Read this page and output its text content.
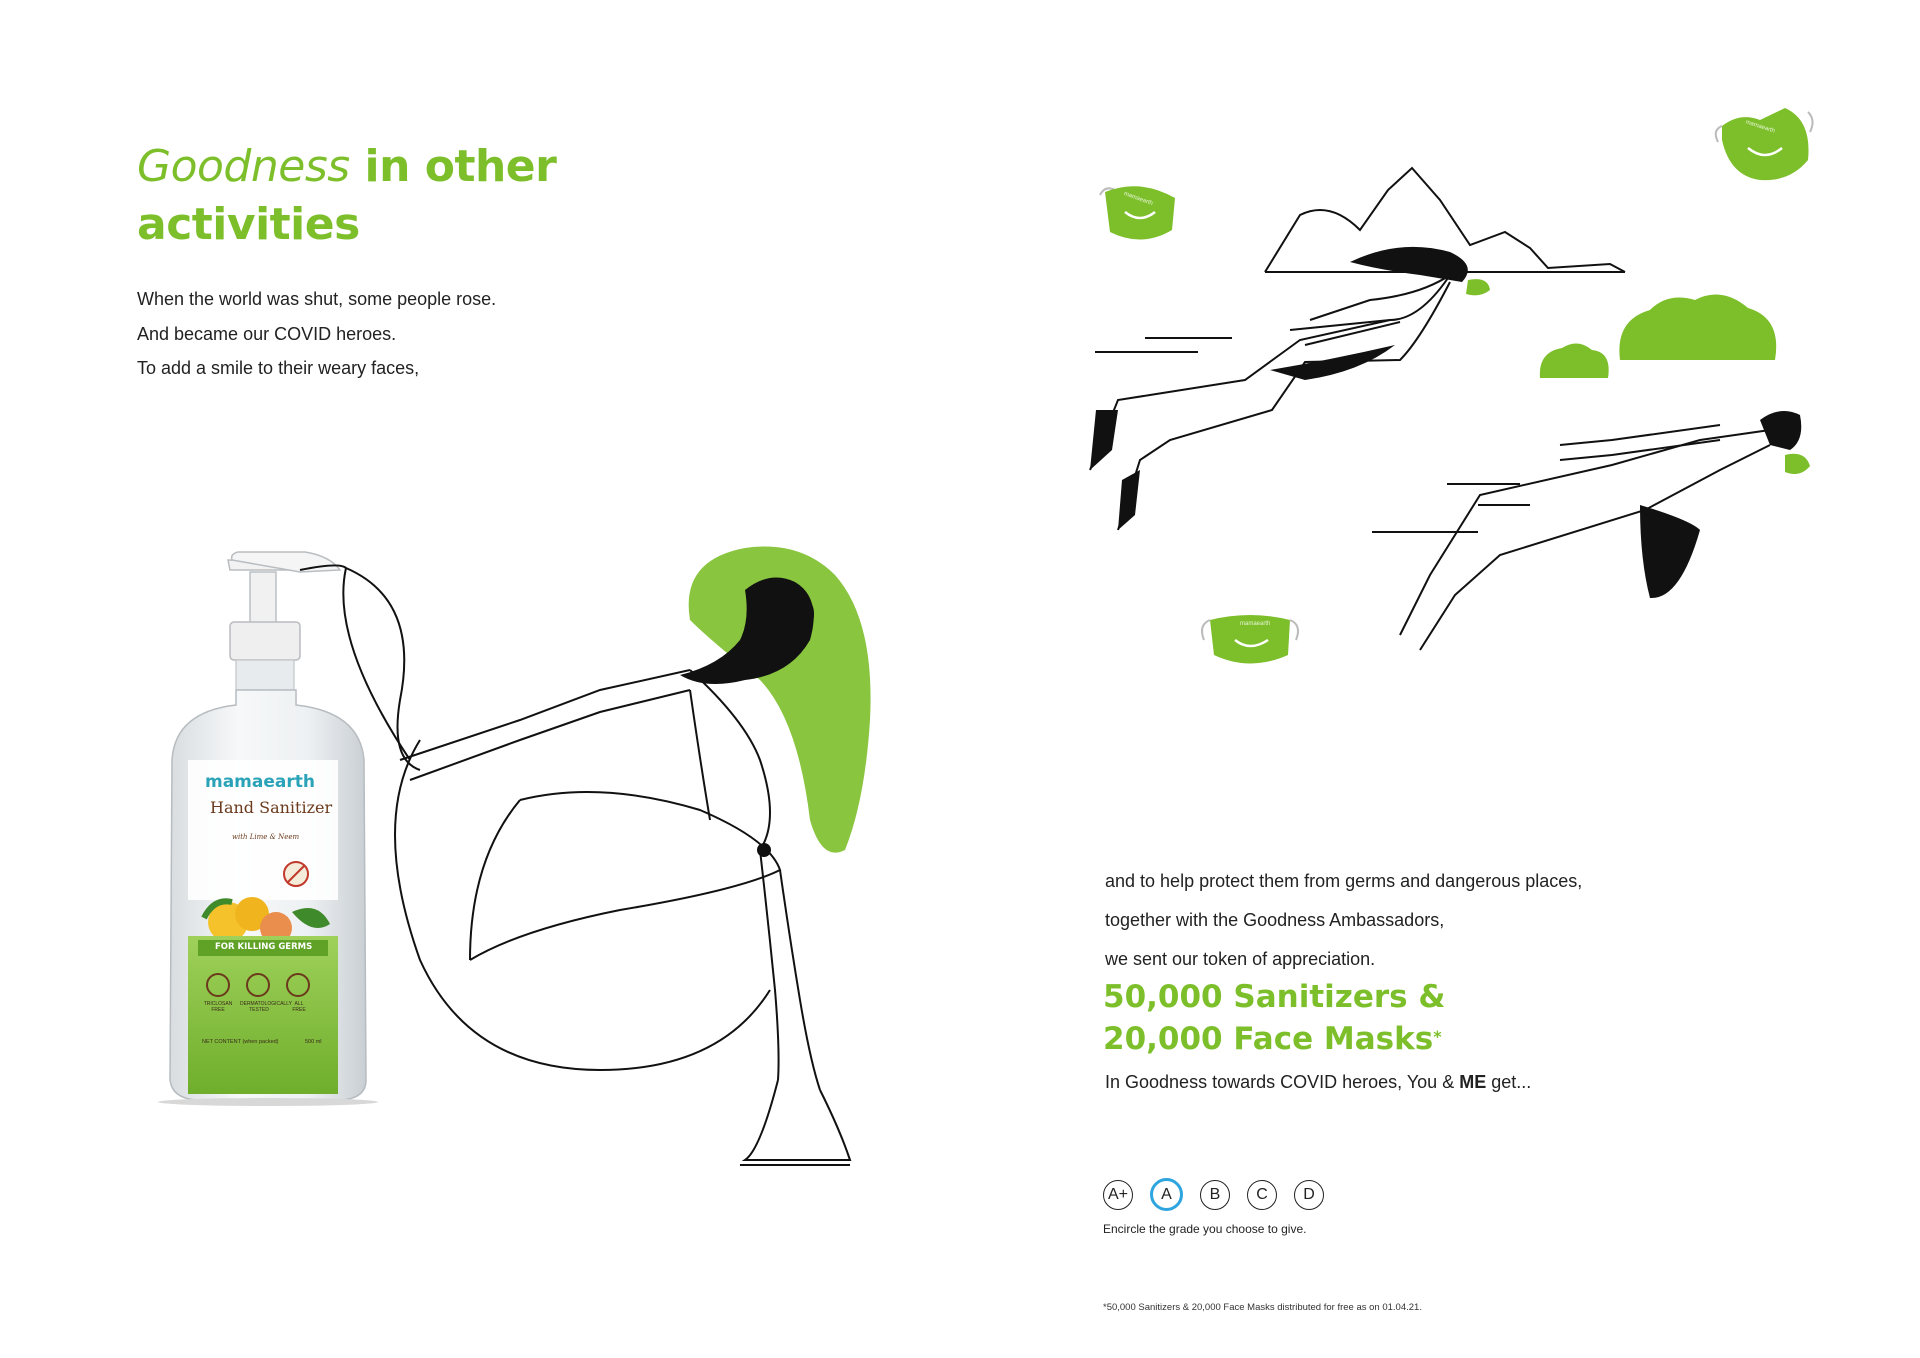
mamaearth
Hand Sanitizer
with Lime & Neem
FOR KILLING GERMS
TRICLOSAN FREE
DERMATOLOGICALLY TESTED
ALL FREE
NET CONTENT (when packed)	500 ml
mamaearth
mamaearth
mamaearth
Goodness in other
activities

When the world was shut, some people rose.

And became our COVID heroes.

To add a smile to their weary faces,

and to help protect them from germs and dangerous places,

together with the Goodness Ambassadors,

we sent our token of appreciation.

50,000 Sanitizers &
20,000 Face Masks*
In Goodness towards COVID heroes, You & ME get...
A+ A B C D
Encircle the grade you choose to give.
*50,000 Sanitizers & 20,000 Face Masks distributed for free as on 01.04.21.
